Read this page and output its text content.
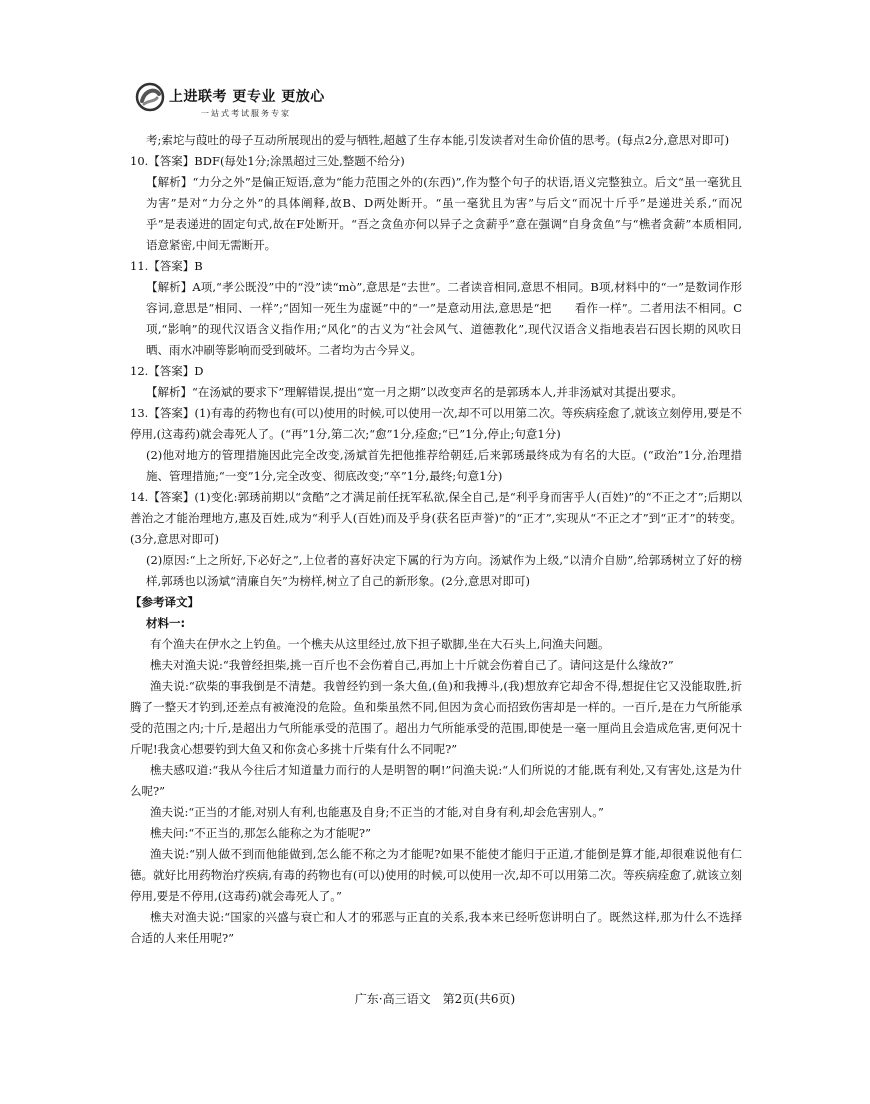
上进联考 更专业 更放心
一站式考试服务专家
考;索坨与葭吐的母子互动所展现出的爱与牺牲,超越了生存本能,引发读者对生命价值的思考。(每点2分,意思对即可)
10.【答案】BDF(每处1分;涂黑超过三处,整题不给分)
【解析】“力分之外”是偏正短语,意为“能力范围之外的(东西)”,作为整个句子的状语,语义完整独立。后文“虽一毫犹且为害”是对“力分之外”的具体阐释,故B、D两处断开。“虽一毫犹且为害”与后文“而况十斤乎”是递进关系,“而况　　乎”是表递进的固定句式,故在F处断开。“吾之贪鱼亦何以异子之贪薪乎”意在强调“自身贪鱼”与“樵者贪薪”本质相同,语意紧密,中间无需断开。
11.【答案】B
【解析】A项,“孝公既没”中的“没”读“mò”,意思是“去世”。二者读音相同,意思不相同。B项,材料中的“一”是数词作形容词,意思是“相同、一样”;“固知一死生为虚诞”中的“一”是意动用法,意思是“把　　看作一样”。二者用法不相同。C项,“影响”的现代汉语含义指作用;“风化”的古义为“社会风气、道德教化”,现代汉语含义指地表岩石因长期的风吹日晒、雨水冲刷等影响而受到破坏。二者均为古今异义。
12.【答案】D
【解析】“在汤斌的要求下”理解错误,提出“宽一月之期”以改变声名的是郭琇本人,并非汤斌对其提出要求。
13.【答案】(1)有毒的药物也有(可以)使用的时候,可以使用一次,却不可以用第二次。等疾病痊愈了,就该立刻停用,要是不停用,(这毒药)就会毒死人了。(“再”1分,第二次;“愈”1分,痊愈;“已”1分,停止;句意1分)
(2)他对地方的管理措施因此完全改变,汤斌首先把他推荐给朝廷,后来郭琇最终成为有名的大臣。(“政治”1分,治理措施、管理措施;“一变”1分,完全改变、彻底改变;“卒”1分,最终;句意1分)
14.【答案】(1)变化:郭琇前期以“贪酷”之才满足前任抚军私欲,保全自己,是“利乎身而害乎人(百姓)”的“不正之才”;后期以善治之才能治理地方,惠及百姓,成为“利乎人(百姓)而及乎身(获名臣声誉)”的“正才”,实现从“不正之才”到“正才”的转变。(3分,意思对即可)
(2)原因:“上之所好,下必好之”,上位者的喜好决定下属的行为方向。汤斌作为上级,“以清介自励”,给郭琇树立了好的榜样,郭琇也以汤斌“清廉自矢”为榜样,树立了自己的新形象。(2分,意思对即可)
【参考译文】
材料一:
有个渔夫在伊水之上钓鱼。一个樵夫从这里经过,放下担子歇脚,坐在大石头上,问渔夫问题。
樵夫对渔夫说:“我曾经担柴,挑一百斤也不会伤着自己,再加上十斤就会伤着自己了。请问这是什么缘故?”
渔夫说:“砍柴的事我倒是不清楚。我曾经钓到一条大鱼,(鱼)和我搏斗,(我)想放弃它却舍不得,想捉住它又没能取胜,折腾了一整天才钓到,还差点有被淹没的危险。鱼和柴虽然不同,但因为贪心而招致伤害却是一样的。一百斤,是在力气所能承受的范围之内;十斤,是超出力气所能承受的范围了。超出力气所能承受的范围,即使是一毫一厘尚且会造成危害,更何况十斤呢!我贪心想要钓到大鱼又和你贪心多挑十斤柴有什么不同呢?”
樵夫感叹道:“我从今往后才知道量力而行的人是明智的啊!”问渔夫说:“人们所说的才能,既有利处,又有害处,这是为什么呢?”
渔夫说:“正当的才能,对别人有利,也能惠及自身;不正当的才能,对自身有利,却会危害别人。”
樵夫问:“不正当的,那怎么能称之为才能呢?”
渔夫说:“别人做不到而他能做到,怎么能不称之为才能呢?如果不能使才能归于正道,才能倒是算才能,却很难说他有仁德。就好比用药物治疗疾病,有毒的药物也有(可以)使用的时候,可以使用一次,却不可以用第二次。等疾病痊愈了,就该立刻停用,要是不停用,(这毒药)就会毒死人了。”
樵夫对渔夫说:“国家的兴盛与衰亡和人才的邪恶与正直的关系,我本来已经听您讲明白了。既然这样,那为什么不选择合适的人来任用呢?”
广东·高三语文　第2页(共6页)
